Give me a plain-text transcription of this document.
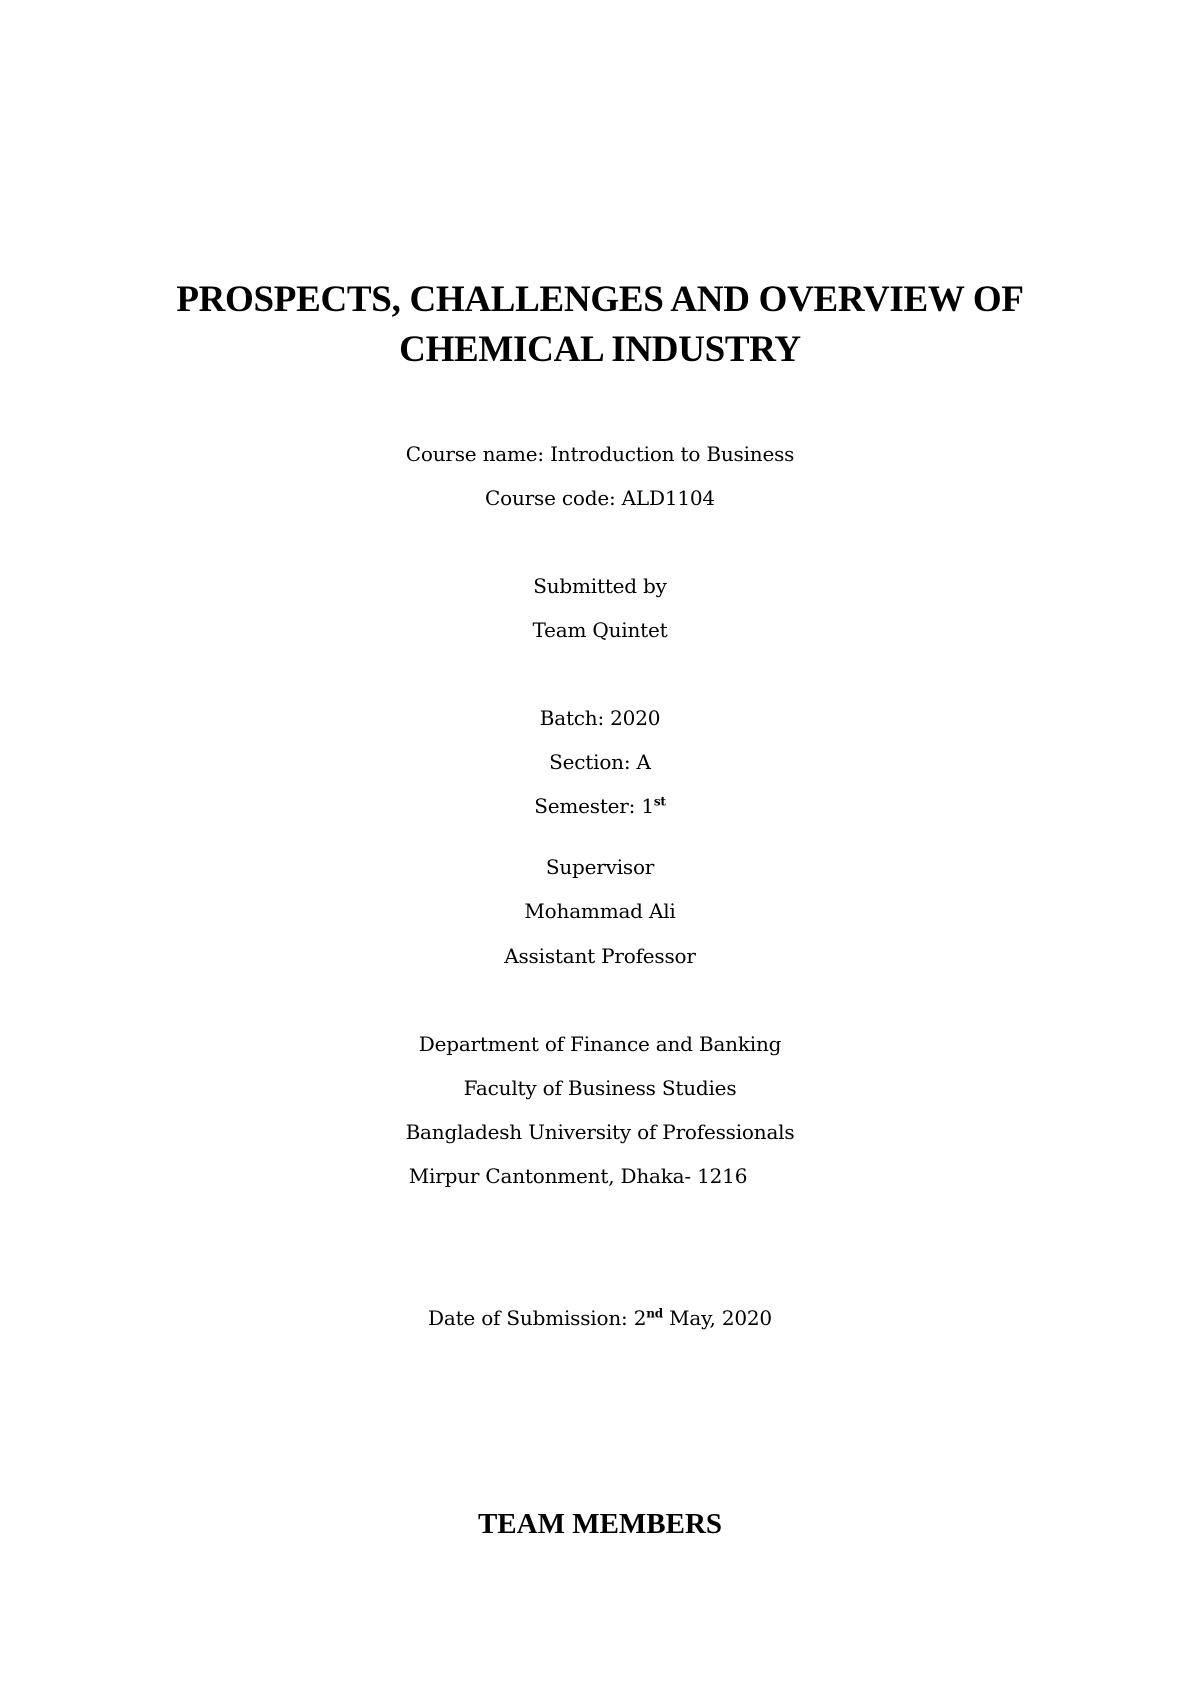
PROSPECTS, CHALLENGES AND OVERVIEW OF
CHEMICAL INDUSTRY
Course name: Introduction to Business
Course code: ALD1104
Submitted by
Team Quintet
Batch: 2020
Section: A
Semester: 1st
Supervisor
Mohammad Ali
Assistant Professor
Department of Finance and Banking
Faculty of Business Studies
Bangladesh University of Professionals
Mirpur Cantonment, Dhaka- 1216
Date of Submission: 2nd May, 2020
TEAM MEMBERS
